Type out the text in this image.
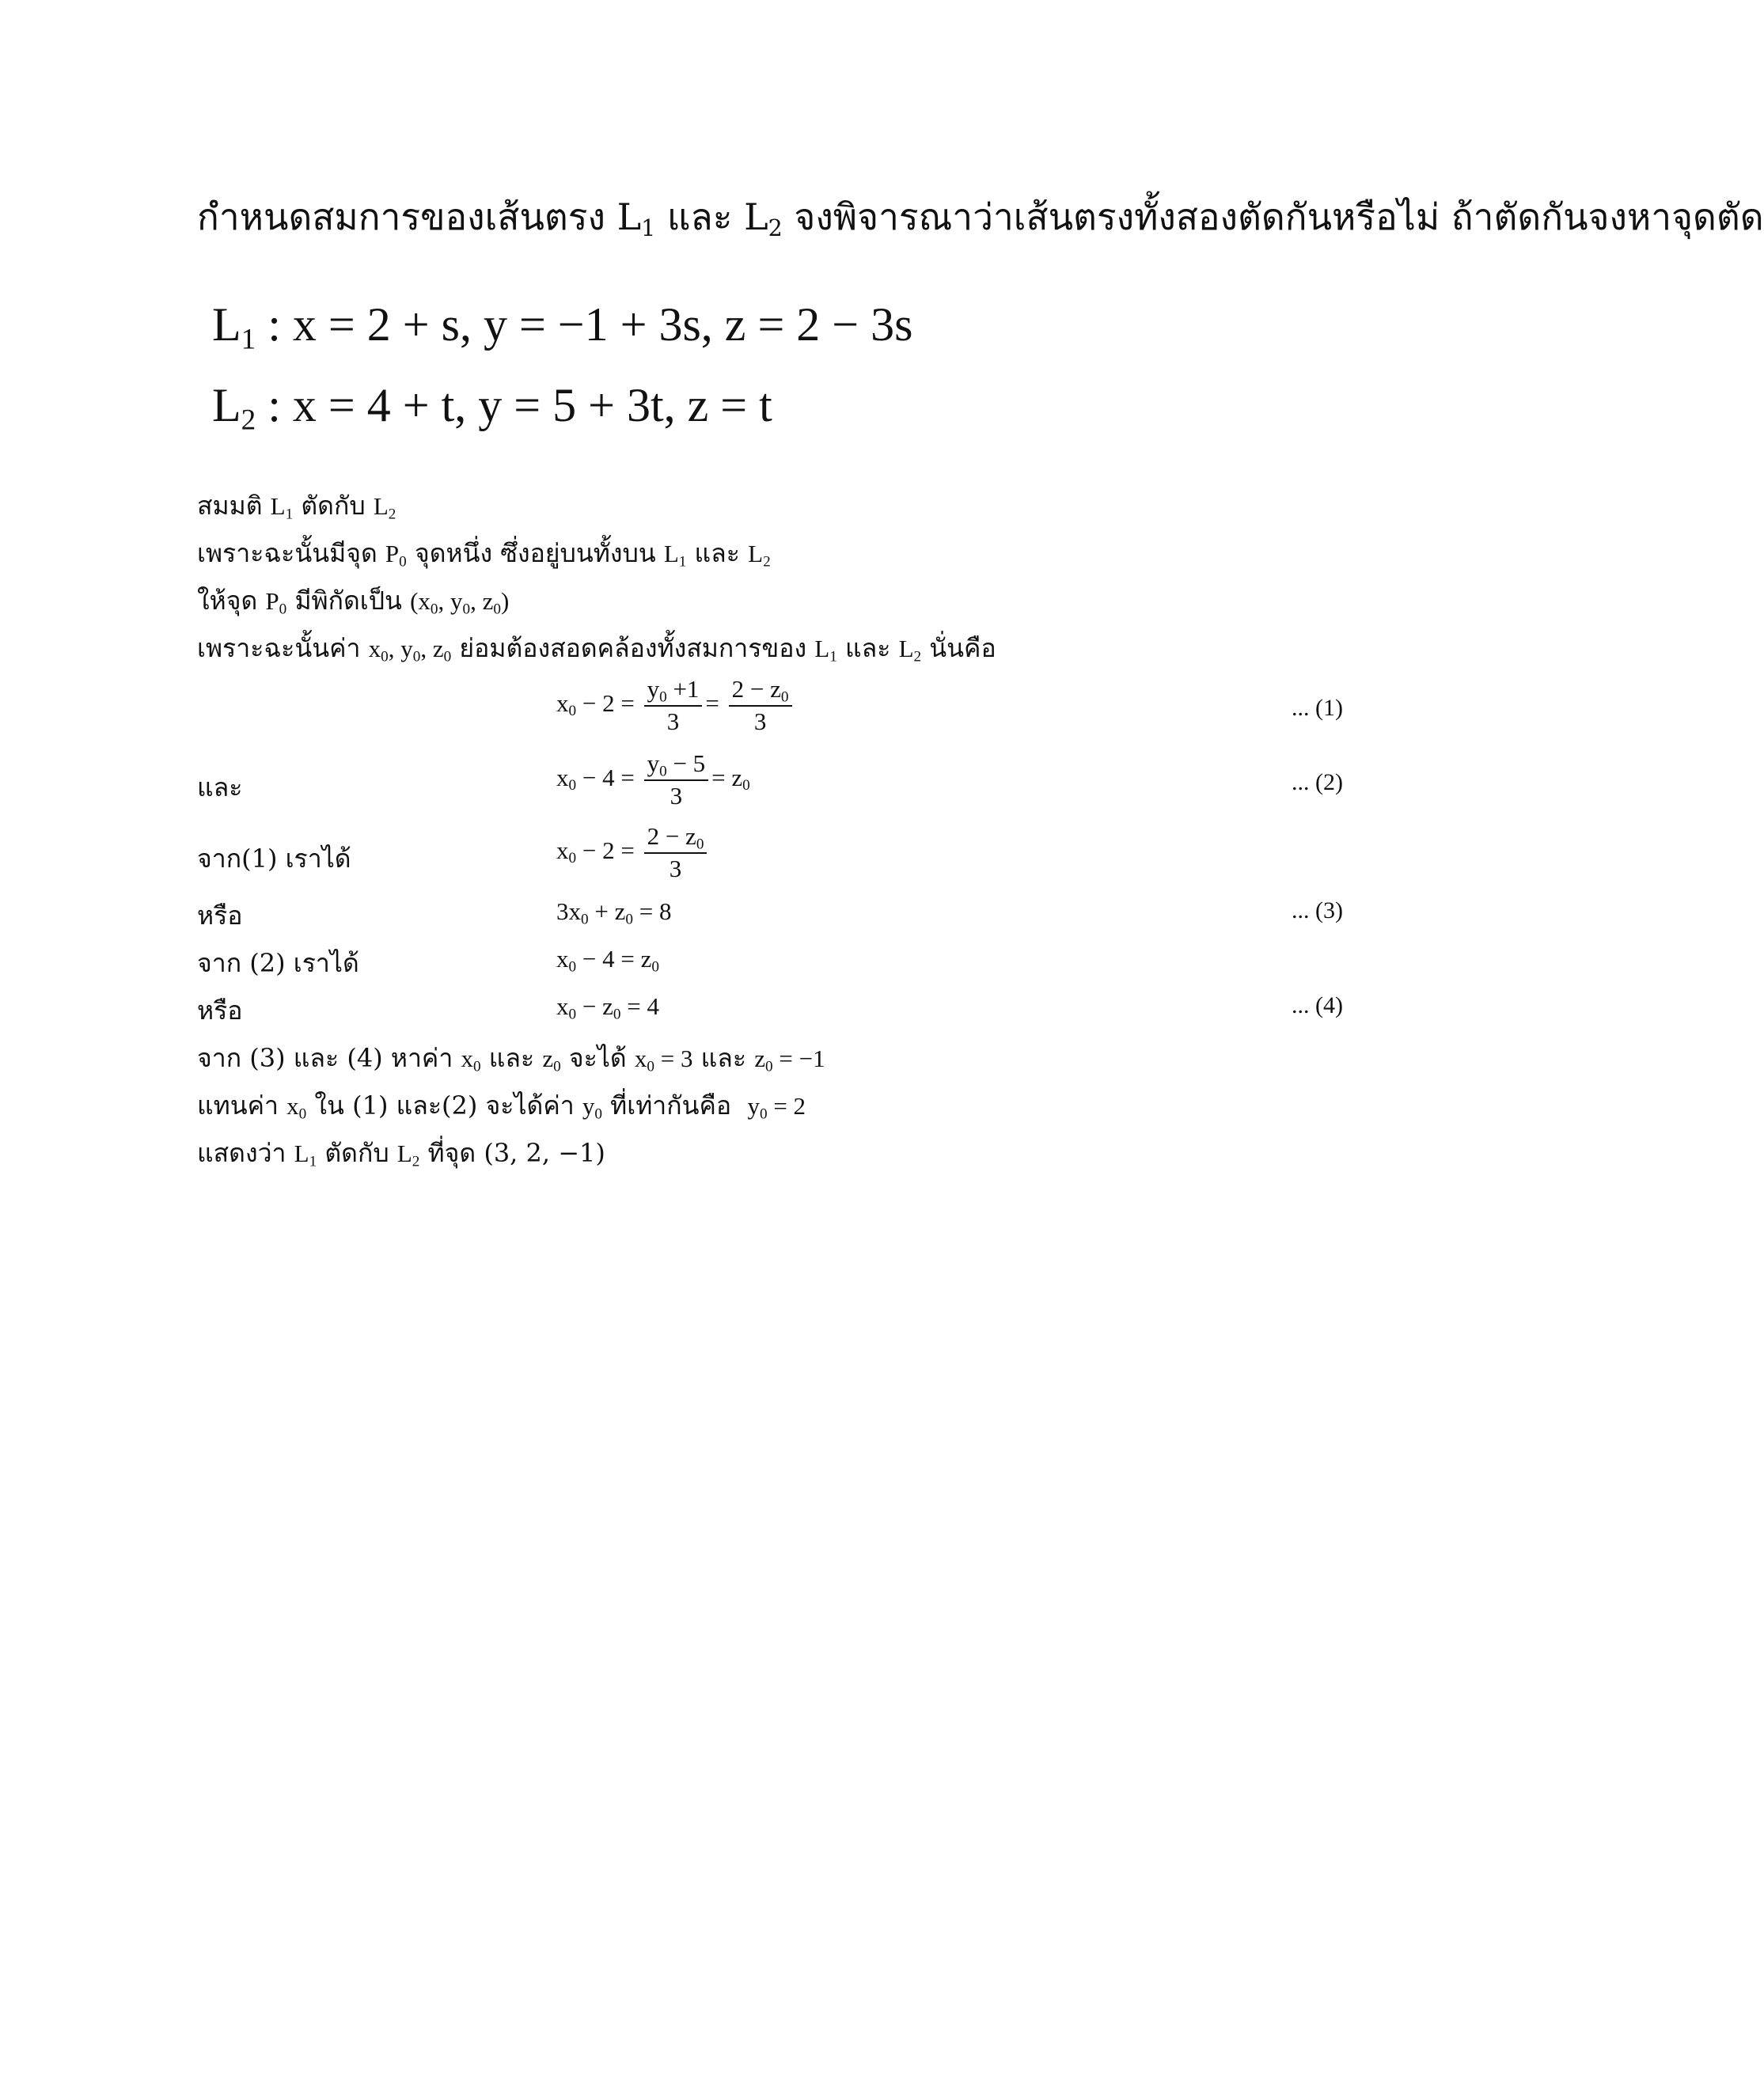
กำหนดสมการของเส้นตรง $L_1$ และ $L_2$ จงพิจารณาว่าเส้นตรงทั้งสองตัดกันหรือไม่ ถ้าตัดกันจงหาจุดตัด
$L_1$ : x = 2 + s, y = −1 + 3s, z = 2 − 3s
$L_2$ : x = 4 + t, y = 5 + 3t, z = t
สมมติ $L_1$ ตัดกับ $L_2$
เพราะฉะนั้นมีจุด $P_0$ จุดหนึ่ง ซึ่งอยู่บนทั้งบน $L_1$ และ $L_2$
ให้จุด $P_0$ มีพิกัดเป็น ($x_0$, $y_0$, $z_0$)
เพราะฉะนั้นค่า $x_0$, $y_0$, $z_0$ ย่อมต้องสอดคล้องทั้งสมการของ $L_1$ และ $L_2$ นั่นคือ
$x_0 - 2 = \frac{y_0 +1}{3} = \frac{2 - z_0}{3}$	... (1)
และ	$x_0 - 4 = \frac{y_0 - 5}{3} = z_0$	... (2)
จาก(1) เราได้	$x_0 - 2 = \frac{2 - z_0}{3}$
หรือ	$3x_0 + z_0 = 8$	... (3)
จาก (2) เราได้	$x_0 - 4 = z_0$
หรือ	$x_0 - z_0 = 4$	... (4)
จาก (3) และ (4) หาค่า $x_0$ และ $z_0$ จะได้ $x_0 = 3$ และ $z_0 = -1$
แทนค่า $x_0$ ใน (1) และ(2) จะได้ค่า $y_0$ ที่เท่ากันคือ $y_0 = 2$
แสดงว่า $L_1$ ตัดกับ $L_2$ ที่จุด (3, 2, −1)
